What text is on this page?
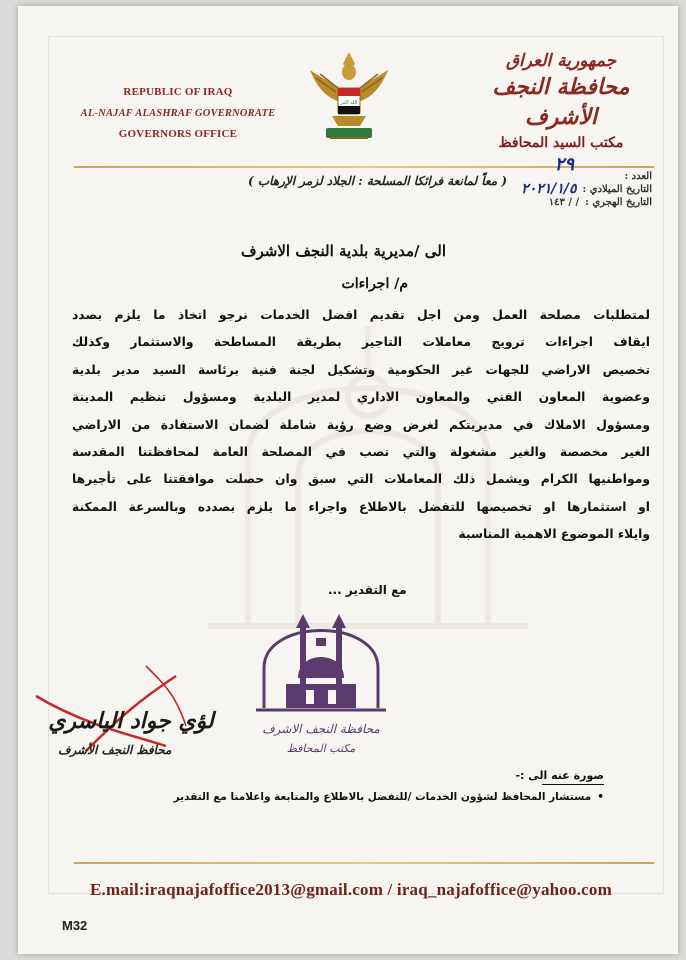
REPUBLIC OF IRAQ
AL-NAJAF ALASHRAF GOVERNORATE
GOVERNORS OFFICE
الله أكبر
جمهورية العراق
محافظة النجف الأشرف
مكتب السيد المحافظ
٢٩
العدد :
التاريخ الميلادي :
٢٠٢١/١/٥
التاريخ الهجري :
/ / ١٤٣
( معاً لمانعة فرائكا المسلحة : الجلاد لزمر الإرهاب )
الى /مديرية بلدية النجف الاشرف
م/ اجراءات
لمتطلبات مصلحة العمل ومن اجل تقديم افضل الخدمات نرجو اتخاذ ما يلزم بصدد
ايقاف اجراءات ترويج معاملات التاجير بطريقة المساطحة والاستثمار وكذلك
تخصيص الاراضي للجهات غير الحكومية وتشكيل لجنة فنية برئاسة السيد مدير بلدية
وعضوية المعاون الفني والمعاون الاداري لمدير البلدية ومسؤول تنظيم المدينة
ومسؤول الاملاك في مديريتكم لغرض وضع رؤية شاملة لضمان الاستفادة من الاراضي
الغير مخصصة والغير مشغولة والتي تصب في المصلحة العامة لمحافظتنا المقدسة
ومواطنيها الكرام ويشمل ذلك المعاملات التي سبق وان حصلت موافقتنا على تأجيرها
او استثمارها او تخصيصها للتفضل بالاطلاع واجراء ما يلزم بصدده وبالسرعة الممكنة
وايلاء الموضوع الاهمية المناسبة
مع التقدير ...
محافظة النجف الاشرف
مكتب المحافظ
لؤي جواد الياسري
محافظ النجف الأشرف
صورة عنه الى :-
• مستشار المحافظ لشؤون الخدمات /للتفضل بالاطلاع والمتابعة واعلامنا مع التقدير
E.mail:iraqnajafoffice2013@gmail.com / iraq_najafoffice@yahoo.com
M32
